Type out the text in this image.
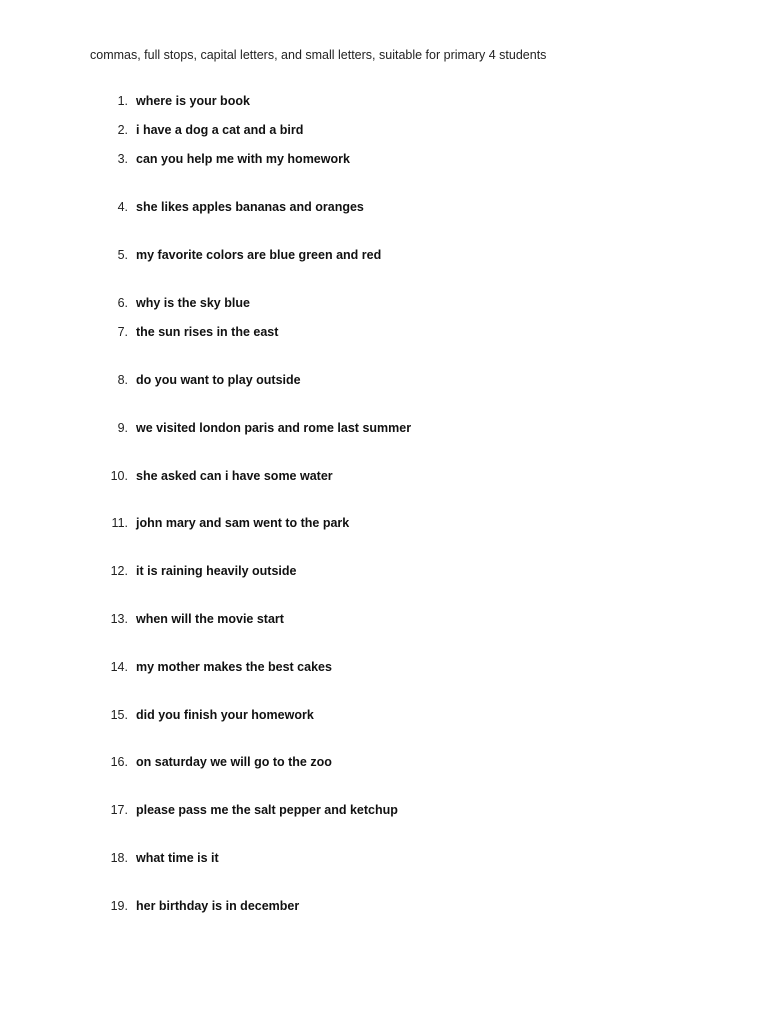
commas, full stops, capital letters, and small letters, suitable for primary 4 students
1. where is your book
2. i have a dog a cat and a bird
3. can you help me with my homework
4. she likes apples bananas and oranges
5. my favorite colors are blue green and red
6. why is the sky blue
7. the sun rises in the east
8. do you want to play outside
9. we visited london paris and rome last summer
10. she asked can i have some water
11. john mary and sam went to the park
12. it is raining heavily outside
13. when will the movie start
14. my mother makes the best cakes
15. did you finish your homework
16. on saturday we will go to the zoo
17. please pass me the salt pepper and ketchup
18. what time is it
19. her birthday is in december
